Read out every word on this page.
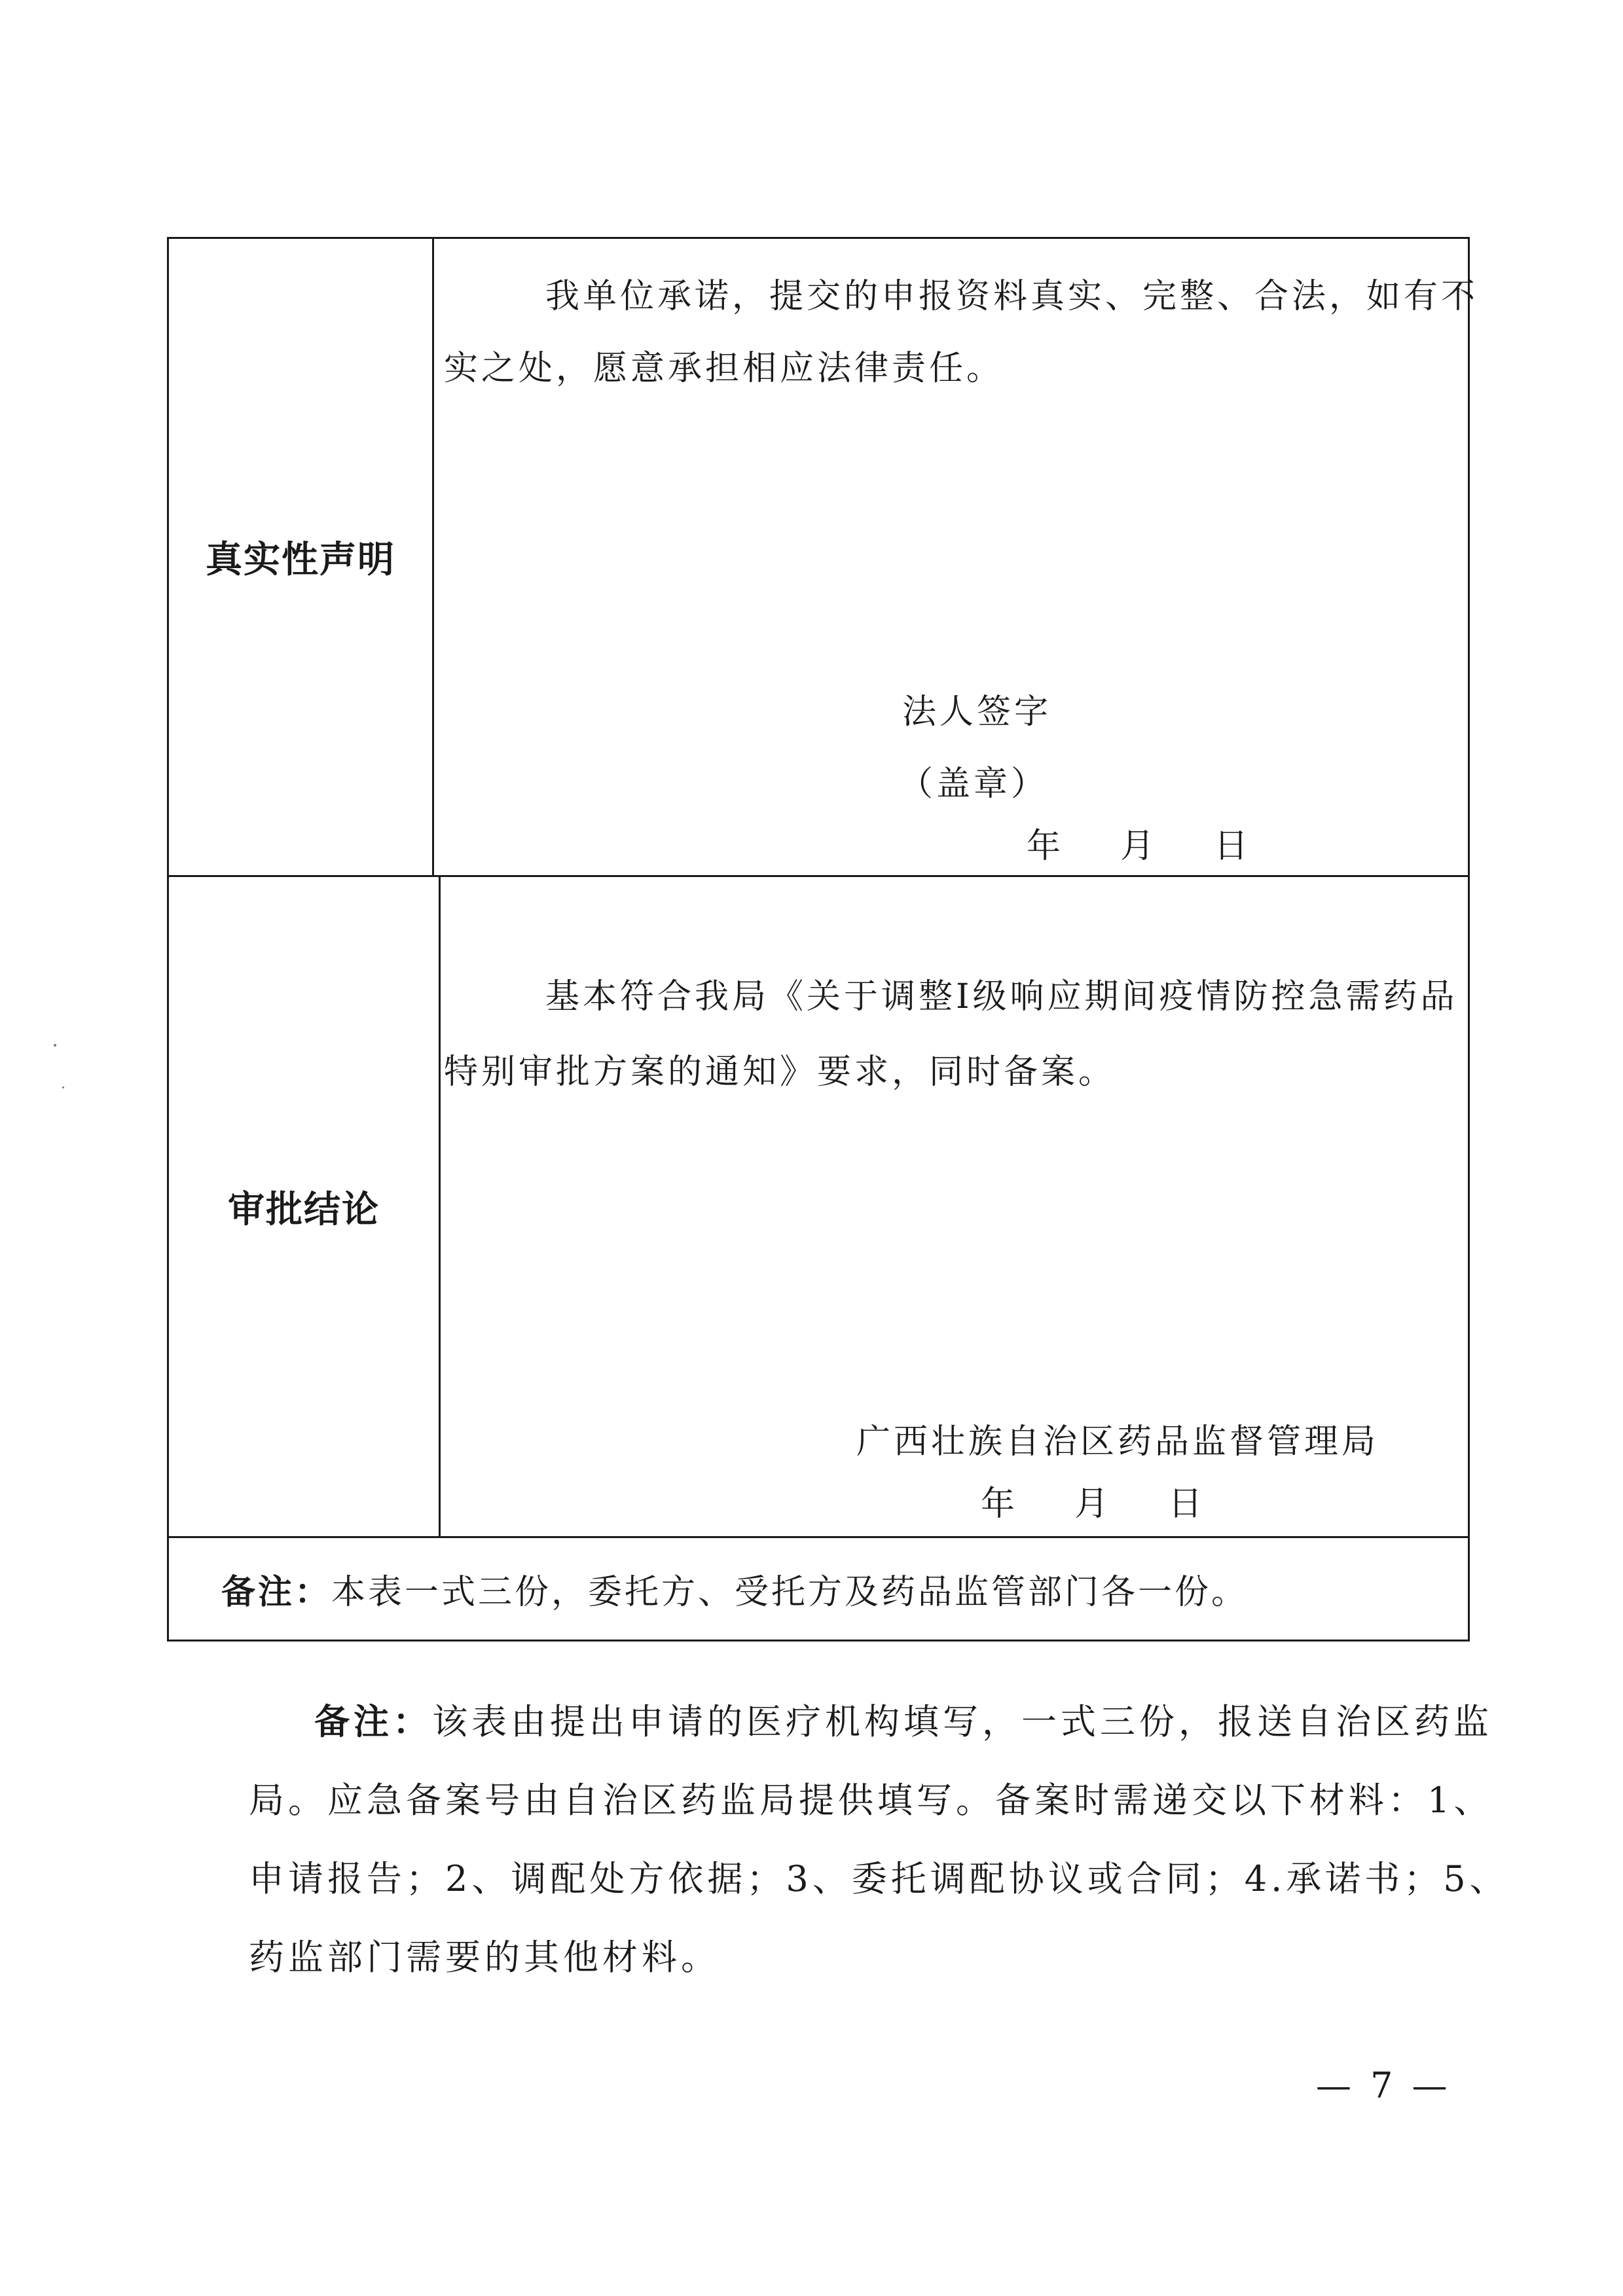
真实性声明
我单位承诺，提交的申报资料真实、完整、合法，如有不
实之处，愿意承担相应法律责任。
法人签字
（盖章）
年    月    日
审批结论
基本符合我局《关于调整Ⅰ级响应期间疫情防控急需药品
特别审批方案的通知》要求，同时备案。
广西壮族自治区药品监督管理局
年    月    日
备注： 本表一式三份，委托方、受托方及药品监管部门各一份。
备注：该表由提出申请的医疗机构填写，一式三份，报送自治区药监
局。应急备案号由自治区药监局提供填写。备案时需递交以下材料：1、
申请报告；2、调配处方依据；3、委托调配协议或合同；4.承诺书；5、
药监部门需要的其他材料。
— 7 —
